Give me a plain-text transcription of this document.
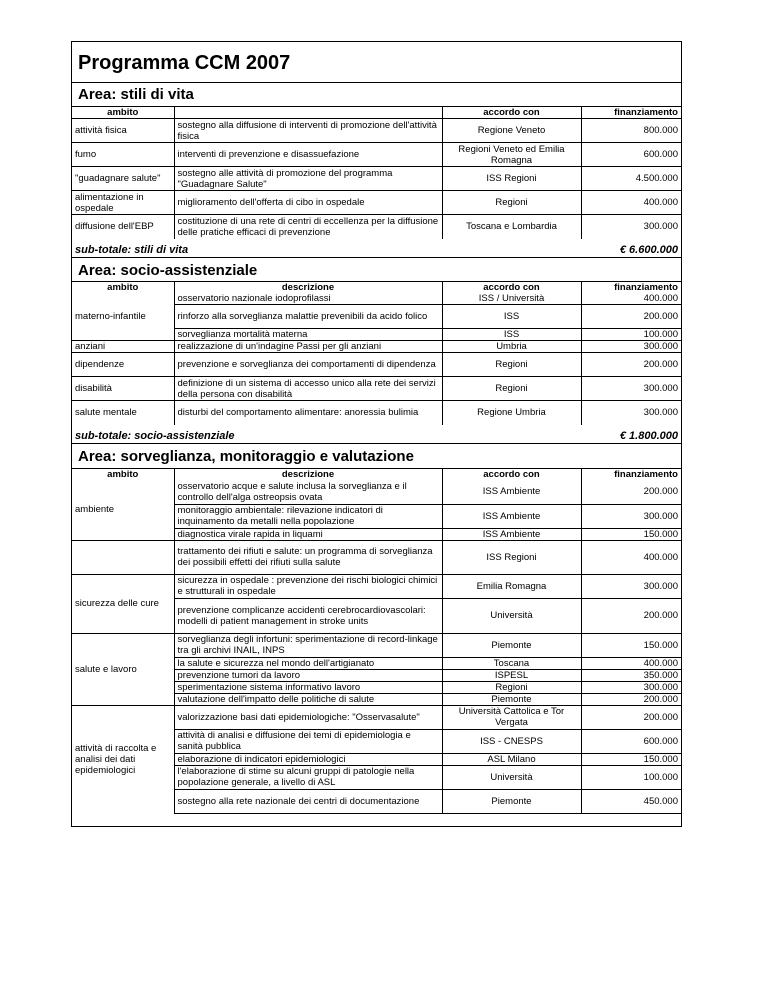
Programma CCM 2007
Area: stili di vita
ambito		accordo con	finanziamento
attività fisica	sostegno alla diffusione di interventi di promozione dell'attività fisica	Regione Veneto	800.000
fumo	interventi di prevenzione e disassuefazione	Regioni Veneto ed Emilia Romagna	600.000
"guadagnare salute"	sostegno alle attività di promozione del programma "Guadagnare Salute"	ISS Regioni	4.500.000
alimentazione in ospedale	miglioramento dell'offerta di cibo in ospedale	Regioni	400.000
diffusione dell'EBP	costituzione di una rete di centri di eccellenza per la diffusione delle pratiche efficaci di prevenzione	Toscana e Lombardia	300.000
sub-totale: stili di vita	€ 6.600.000
Area: socio-assistenziale
ambito	descrizione	accordo con	finanziamento
materno-infantile	osservatorio nazionale iodoprofilassi	ISS / Università	400.000
	rinforzo alla sorveglianza malattie prevenibili da acido folico	ISS	200.000
	sorveglianza mortalità materna	ISS	100.000
anziani	realizzazione di un'indagine Passi per gli anziani	Umbria	300.000
dipendenze	prevenzione e sorveglianza dei comportamenti di dipendenza	Regioni	200.000
disabilità	definizione di un sistema di accesso unico alla rete dei servizi della persona con disabilità	Regioni	300.000
salute mentale	disturbi del comportamento alimentare: anoressia bulimia	Regione Umbria	300.000
sub-totale: socio-assistenziale	€ 1.800.000
Area: sorveglianza, monitoraggio e valutazione
ambito	descrizione	accordo con	finanziamento
ambiente	osservatorio acque e salute inclusa la sorveglianza e il controllo dell'alga ostreopsis ovata	ISS Ambiente	200.000
	monitoraggio ambientale: rilevazione indicatori di inquinamento da metalli nella popolazione	ISS Ambiente	300.000
	diagnostica virale rapida in liquami	ISS Ambiente	150.000
	trattamento dei rifiuti e salute: un programma di sorveglianza dei possibili effetti dei rifiuti sulla salute	ISS Regioni	400.000
sicurezza delle cure	sicurezza in ospedale : prevenzione dei rischi biologici chimici e strutturali in ospedale	Emilia Romagna	300.000
	prevenzione complicanze accidenti cerebrocardiovascolari: modelli di patient management in stroke units	Università	200.000
salute e lavoro	sorveglianza degli infortuni: sperimentazione di record-linkage tra gli archivi INAIL, INPS	Piemonte	150.000
	la salute e sicurezza nel mondo dell'artigianato	Toscana	400.000
	prevenzione tumori da lavoro	ISPESL	350.000
	sperimentazione sistema informativo lavoro	Regioni	300.000
	valutazione dell'impatto delle politiche di salute	Piemonte	200.000
attività di raccolta e analisi dei dati epidemiologici	valorizzazione basi dati epidemiologiche: "Osservasalute"	Università Cattolica e Tor Vergata	200.000
	attività di analisi e diffusione dei temi di epidemiologia e sanità pubblica	ISS - CNESPS	600.000
	elaborazione di indicatori epidemiologici	ASL Milano	150.000
	l'elaborazione di stime su alcuni gruppi di patologie nella popolazione generale, a livello di ASL	Università	100.000
	sostegno alla rete nazionale dei centri di documentazione	Piemonte	450.000
